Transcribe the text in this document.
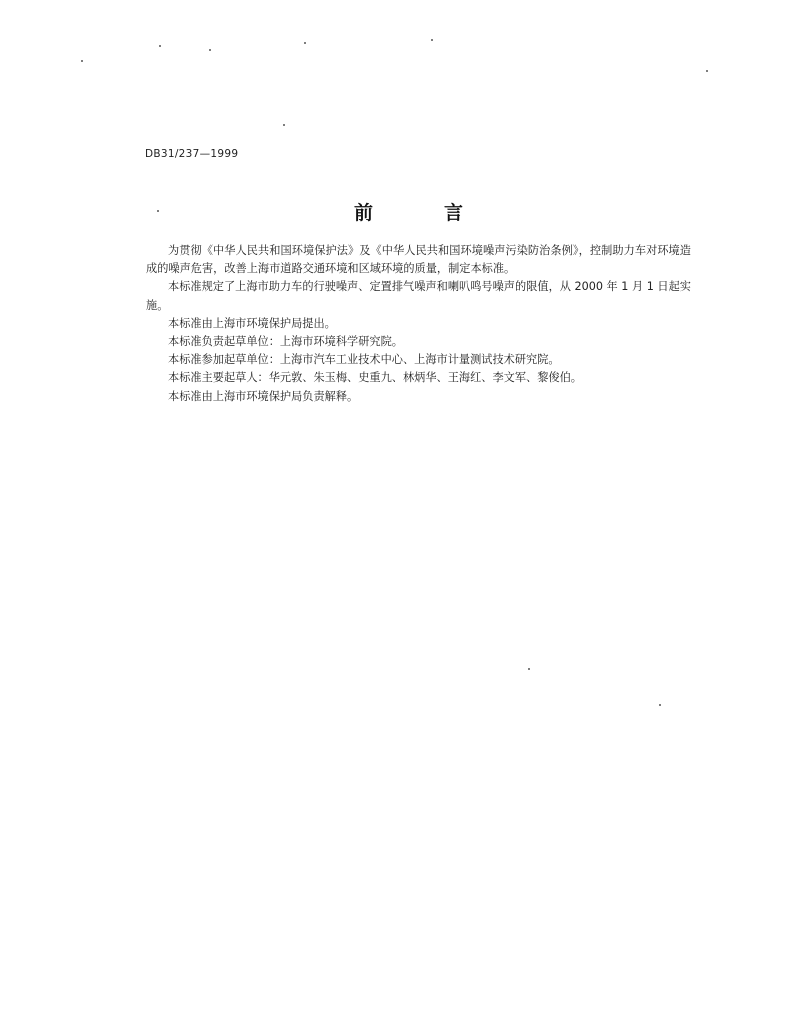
DB31/237—1999
前　言

为贯彻《中华人民共和国环境保护法》及《中华人民共和国环境噪声污染防治条例》，控制助力车对环境造成的噪声危害，改善上海市道路交通环境和区域环境的质量，制定本标准。

本标准规定了上海市助力车的行驶噪声、定置排气噪声和喇叭鸣号噪声的限值，从 2000 年 1 月 1 日起实施。

本标准由上海市环境保护局提出。

本标准负责起草单位：上海市环境科学研究院。

本标准参加起草单位：上海市汽车工业技术中心、上海市计量测试技术研究院。

本标准主要起草人：华元敦、朱玉梅、史重九、林炳华、王海红、李文军、黎俊伯。

本标准由上海市环境保护局负责解释。
